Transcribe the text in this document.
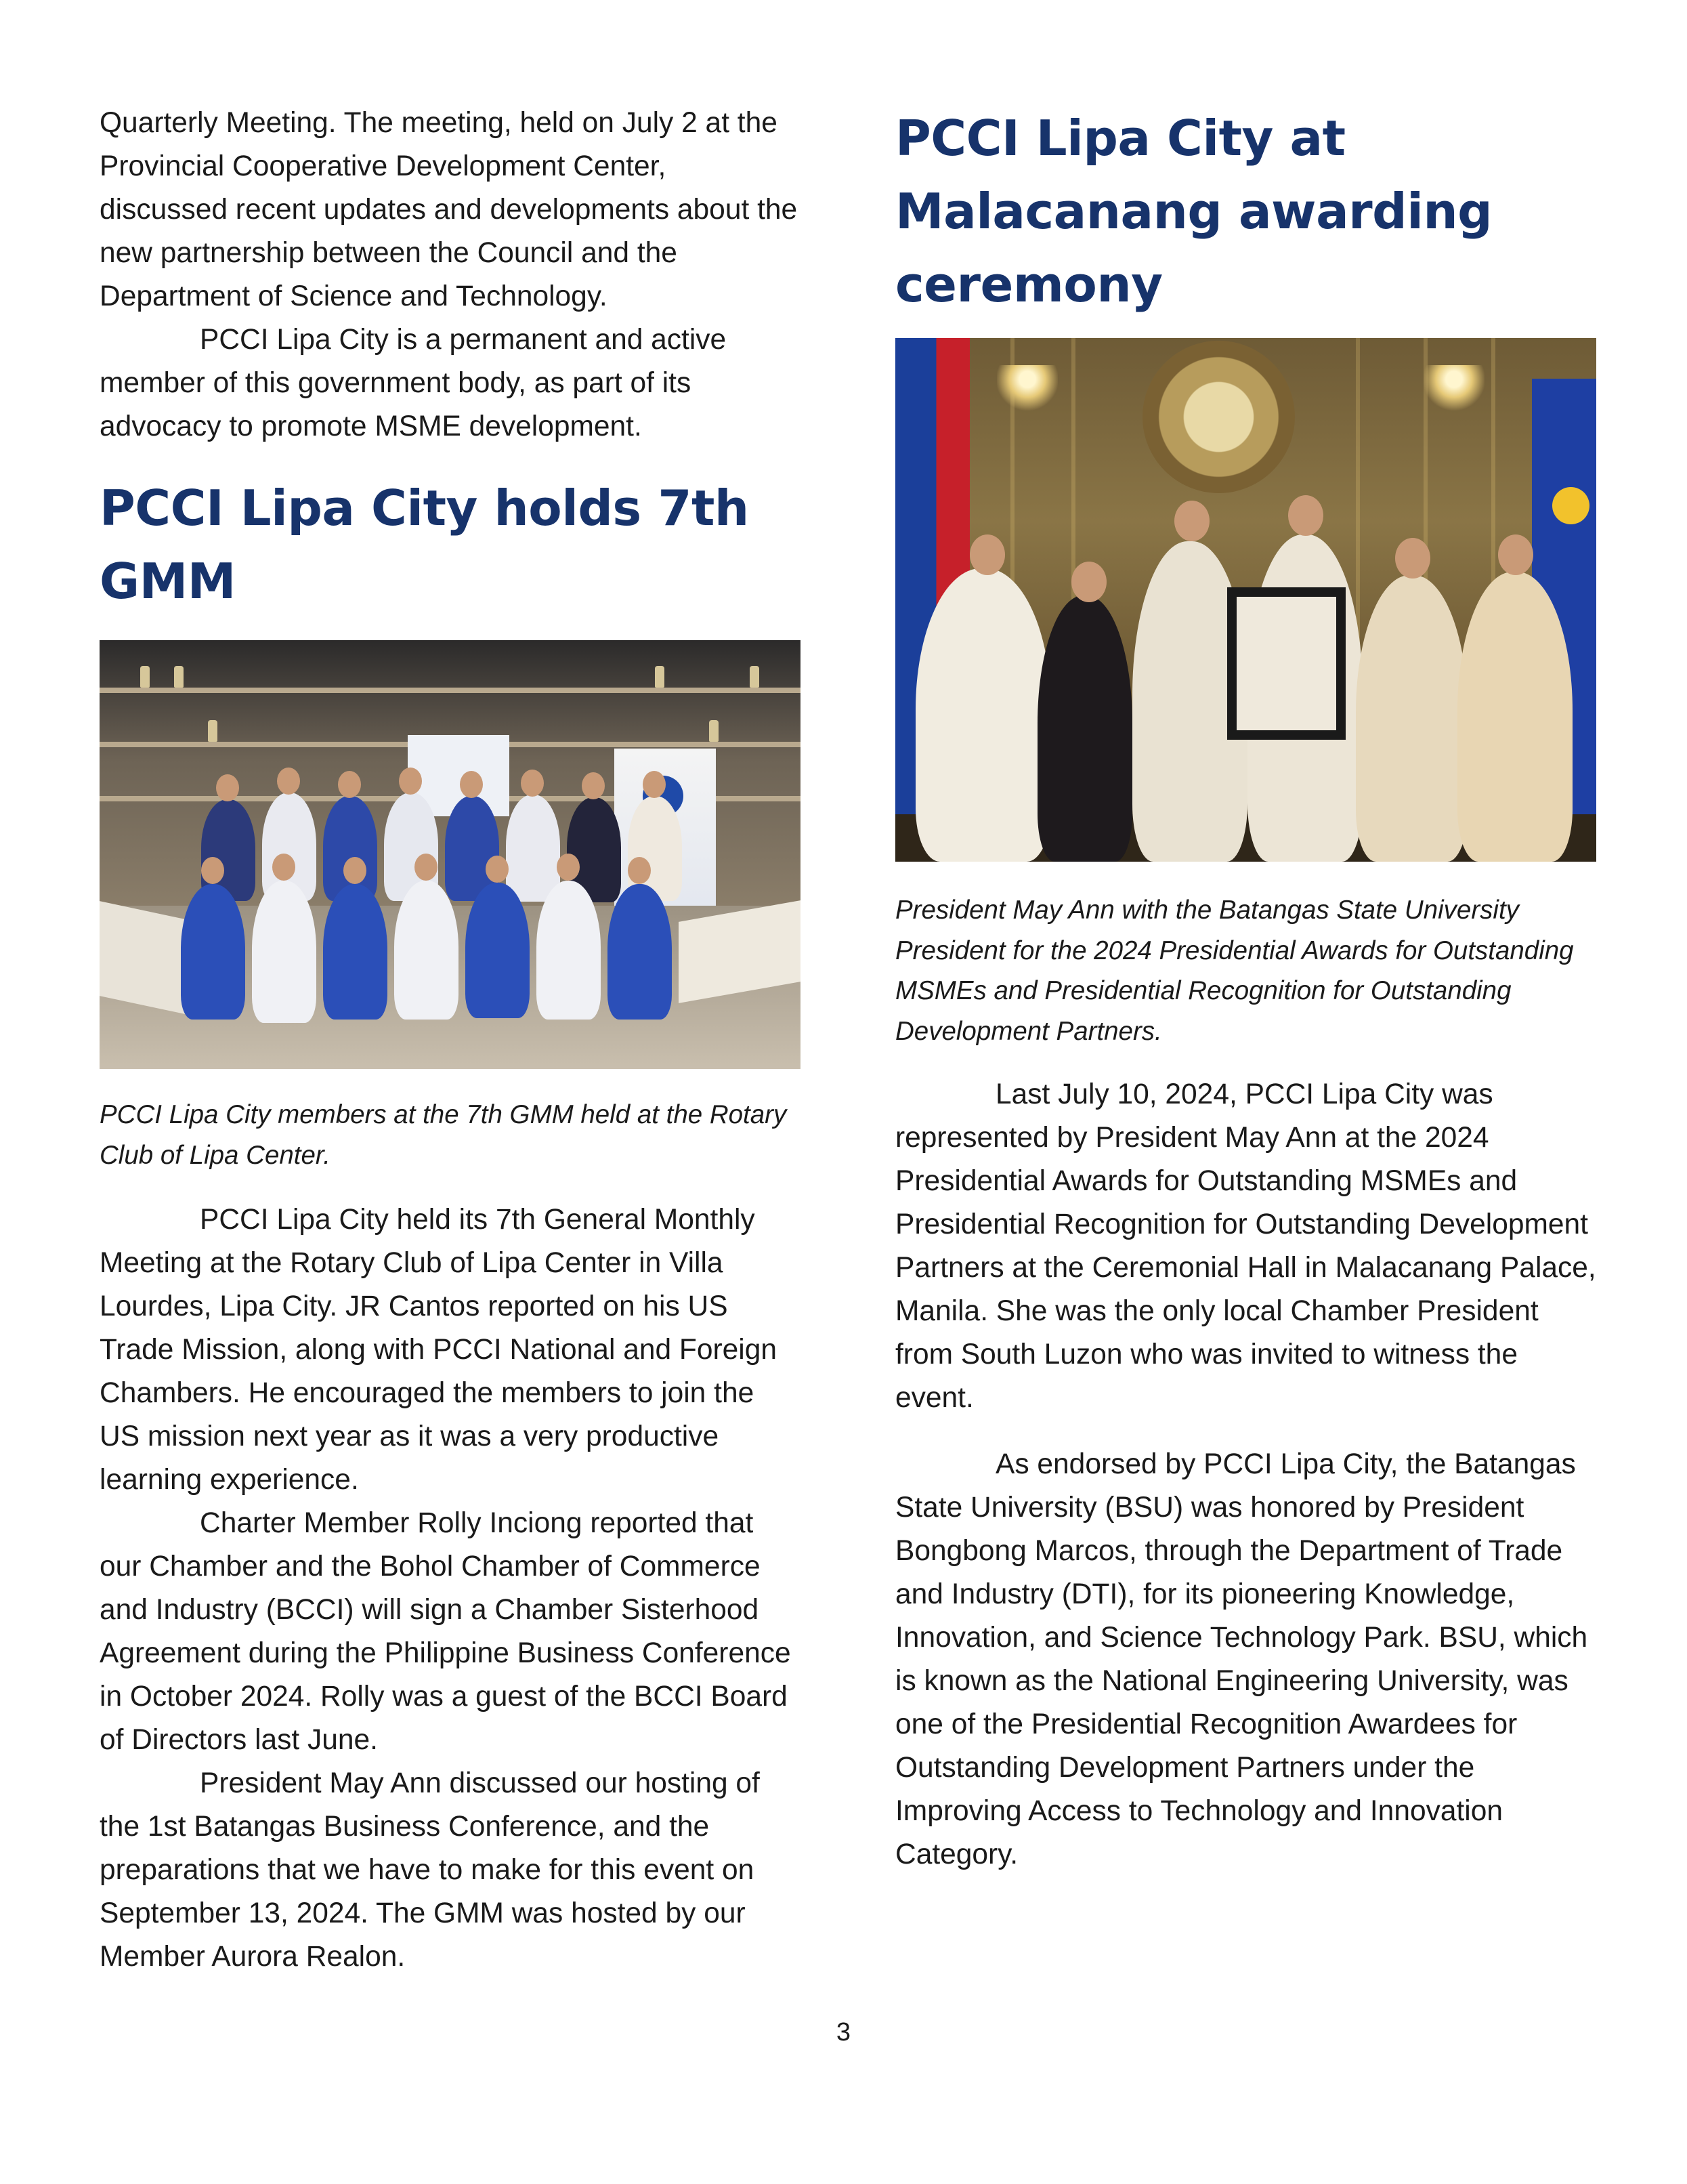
Quarterly Meeting. The meeting, held on July 2 at the Provincial Cooperative Development Center, discussed recent updates and developments about the new partnership between the Council and the Department of Science and Technology.

PCCI Lipa City is a permanent and active member of this government body, as part of its advocacy to promote MSME development.

PCCI Lipa City holds 7th GMM

PCCI Lipa City members at the 7th GMM held at the Rotary Club of Lipa Center.

PCCI Lipa City held its 7th General Monthly Meeting at the Rotary Club of Lipa Center in Villa Lourdes, Lipa City. JR Cantos reported on his US Trade Mission, along with PCCI National and Foreign Chambers. He encouraged the members to join the US mission next year as it was a very productive learning experience.

Charter Member Rolly Inciong reported that our Chamber and the Bohol Chamber of Commerce and Industry (BCCI) will sign a Chamber Sisterhood Agreement during the Philippine Business Conference in October 2024. Rolly was a guest of the BCCI Board of Directors last June.

President May Ann discussed our hosting of the 1st Batangas Business Conference, and the preparations that we have to make for this event on September 13, 2024. The GMM was hosted by our Member Aurora Realon.

PCCI Lipa City at Malacanang awarding ceremony

President May Ann with the Batangas State University President for the 2024 Presidential Awards for Outstanding MSMEs and Presidential Recognition for Outstanding Development Partners.

Last July 10, 2024, PCCI Lipa City was represented by President May Ann at the 2024 Presidential Awards for Outstanding MSMEs and Presidential Recognition for Outstanding Development Partners at the Ceremonial Hall in Malacanang Palace, Manila. She was the only local Chamber President from South Luzon who was invited to witness the event.

As endorsed by PCCI Lipa City, the Batangas State University (BSU) was honored by President Bongbong Marcos, through the Department of Trade and Industry (DTI), for its pioneering Knowledge, Innovation, and Science Technology Park. BSU, which is known as the National Engineering University, was one of the Presidential Recognition Awardees for Outstanding Development Partners under the Improving Access to Technology and Innovation Category.

3
